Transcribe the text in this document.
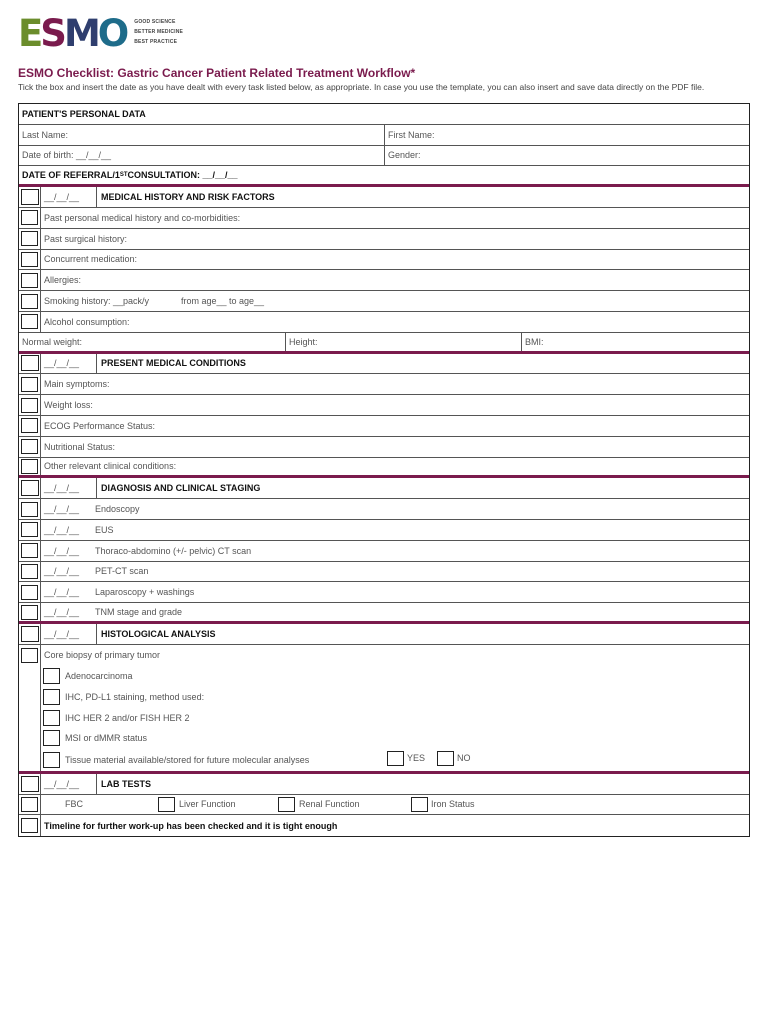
E S M O GOOD SCIENCE
BETTER MEDICINE
BEST PRACTICE
ESMO Checklist: Gastric Cancer Patient Related Treatment Workflow*
Tick the box and insert the date as you have dealt with every task listed below, as appropriate. In case you use the template, you can also insert and save data directly on the PDF file.
PATIENT'S PERSONAL DATA
Last Name:	First Name:
Date of birth: __/__/__	Gender:
DATE OF REFERRAL/1 ST CONSULTATION: __/__/__
__/__/__	MEDICAL HISTORY AND RISK FACTORS
Past personal medical history and co-morbidities:
Past surgical history:
Concurrent medication:
Allergies:
Smoking history: __pack/y	from age__ to age__
Alcohol consumption:
Normal weight:	Height:	BMI:
__/__/__	PRESENT MEDICAL CONDITIONS
Main symptoms:
Weight loss:
ECOG Performance Status:
Nutritional Status:
Other relevant clinical conditions:
__/__/__	DIAGNOSIS AND CLINICAL STAGING
__/__/__	Endoscopy
__/__/__	EUS
__/__/__	Thoraco-abdomino (+/- pelvic) CT scan
__/__/__	PET-CT scan
__/__/__	Laparoscopy + washings
__/__/__	TNM stage and grade
__/__/__	HISTOLOGICAL ANALYSIS
Core biopsy of primary tumor
Adenocarcinoma
IHC, PD-L1 staining, method used:
IHC HER 2 and/or FISH HER 2
MSI or dMMR status
Tissue material available/stored for future molecular analyses	YES	NO
__/__/__	LAB TESTS
FBC	Liver Function	Renal Function	Iron Status
Timeline for further work-up has been checked and it is tight enough
